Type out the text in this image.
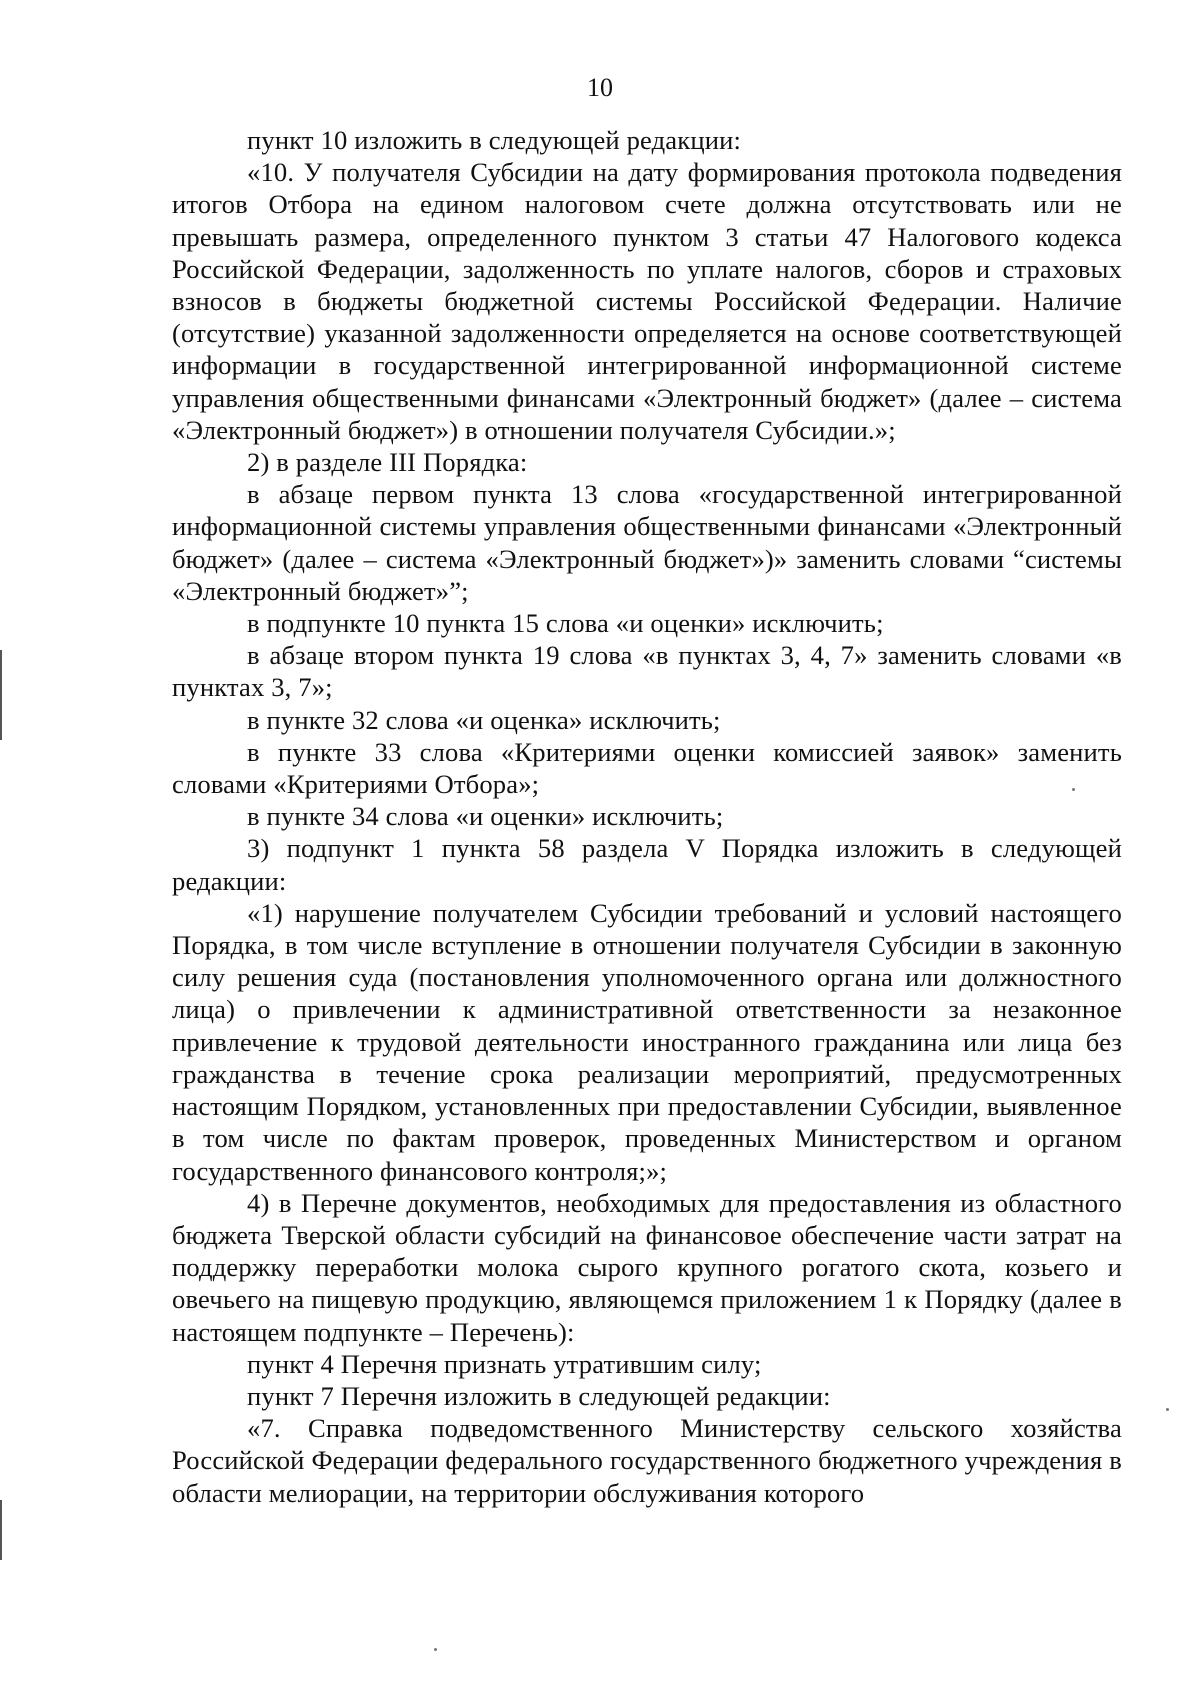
10

пункт 10 изложить в следующей редакции:

«10. У получателя Субсидии на дату формирования протокола подведения итогов Отбора на едином налоговом счете должна отсутствовать или не превышать размера, определенного пунктом 3 статьи 47 Налогового кодекса Российской Федерации, задолженность по уплате налогов, сборов и страховых взносов в бюджеты бюджетной системы Российской Федерации. Наличие (отсутствие) указанной задолженности определяется на основе соответствующей информации в государственной интегрированной информационной системе управления общественными финансами «Электронный бюджет» (далее – система «Электронный бюджет») в отношении получателя Субсидии.»;

2) в разделе III Порядка:

в абзаце первом пункта 13 слова «государственной интегрированной информационной системы управления общественными финансами «Электронный бюджет» (далее – система «Электронный бюджет»)» заменить словами “системы «Электронный бюджет»”;

в подпункте 10 пункта 15 слова «и оценки» исключить;

в абзаце втором пункта 19 слова «в пунктах 3, 4, 7» заменить словами «в пунктах 3, 7»;

в пункте 32 слова «и оценка» исключить;

в пункте 33 слова «Критериями оценки комиссией заявок» заменить словами «Критериями Отбора»;

в пункте 34 слова «и оценки» исключить;

3) подпункт 1 пункта 58 раздела V Порядка изложить в следующей редакции:

«1) нарушение получателем Субсидии требований и условий настоящего Порядка, в том числе вступление в отношении получателя Субсидии в законную силу решения суда (постановления уполномоченного органа или должностного лица) о привлечении к административной ответственности за незаконное привлечение к трудовой деятельности иностранного гражданина или лица без гражданства в течение срока реализации мероприятий, предусмотренных настоящим Порядком, установленных при предоставлении Субсидии, выявленное в том числе по фактам проверок, проведенных Министерством и органом государственного финансового контроля;»;

4) в Перечне документов, необходимых для предоставления из областного бюджета Тверской области субсидий на финансовое обеспечение части затрат на поддержку переработки молока сырого крупного рогатого скота, козьего и овечьего на пищевую продукцию, являющемся приложением 1 к Порядку (далее в настоящем подпункте – Перечень):

пункт 4 Перечня признать утратившим силу;

пункт 7 Перечня изложить в следующей редакции:

«7. Справка подведомственного Министерству сельского хозяйства Российской Федерации федерального государственного бюджетного учреждения в области мелиорации, на территории обслуживания которого
